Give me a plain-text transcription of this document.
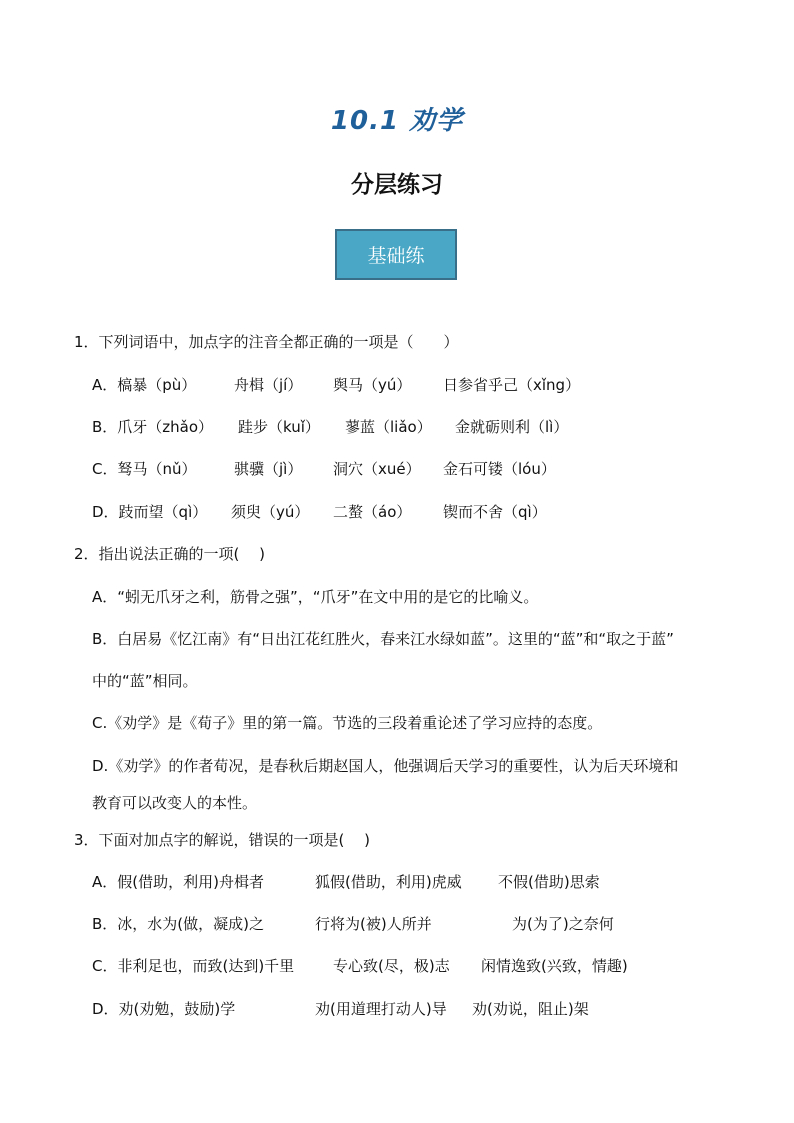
10.1 劝学
分层练习
基础练
1．下列词语中，加点字的注音全都正确的一项是（　　）
A．槁暴（pù）	舟楫（jí） 舆马（yú） 日参省乎己（xǐng）
B．爪牙（zhǎo） 跬步（kuǐ） 蓼蓝（liǎo） 金就砺则利（lì）
C．驽马（nǔ）	骐骥（jì） 洞穴（xué） 金石可镂（lóu）
D．跂而望（qì） 须臾（yú） 二螯（áo） 锲而不舍（qì）
2．指出说法正确的一项(　 )
A．“蚓无爪牙之利，筋骨之强”，“爪牙”在文中用的是它的比喻义。
B．白居易《忆江南》有“日出江花红胜火，春来江水绿如蓝”。这里的“蓝”和“取之于蓝”
中的“蓝”相同。
C.《劝学》是《荀子》里的第一篇。节选的三段着重论述了学习应持的态度。
D.《劝学》的作者荀况，是春秋后期赵国人，他强调后天学习的重要性，认为后天环境和
教育可以改变人的本性。
3．下面对加点字的解说，错误的一项是(　 )
A．假(借助，利用)舟楫者	狐假(借助，利用)虎威 不假(借助)思索
B．冰，水为(做，凝成)之	行将为(被)人所并	为(为了)之奈何
C．非利足也，而致(达到)千里	专心致(尽，极)志 闲情逸致(兴致，情趣)
D．劝(劝勉，鼓励)学	劝(用道理打动人)导 劝(劝说，阻止)架
